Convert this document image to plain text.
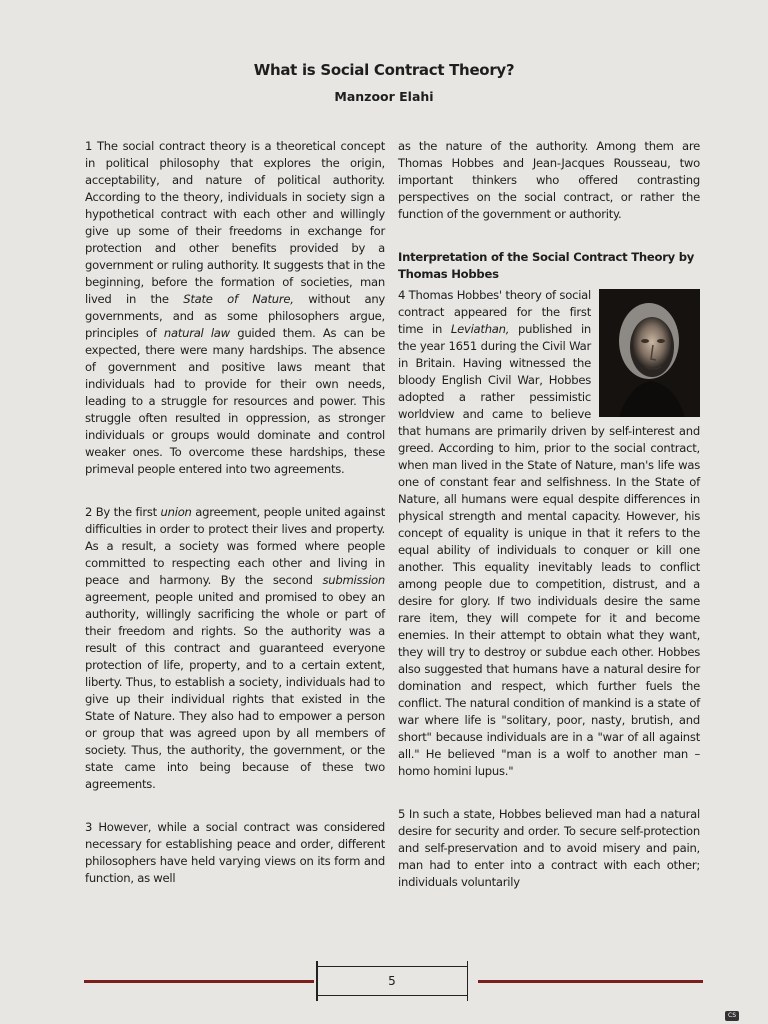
What is Social Contract Theory?
Manzoor Elahi

1 The social contract theory is a theoretical concept in political philosophy that explores the origin, acceptability, and nature of political authority. According to the theory, individuals in society sign a hypothetical contract with each other and willingly give up some of their freedoms in exchange for protection and other benefits provided by a government or ruling authority. It suggests that in the beginning, before the formation of societies, man lived in the State of Nature, without any governments, and as some philosophers argue, principles of natural law guided them. As can be expected, there were many hardships. The absence of government and positive laws meant that individuals had to provide for their own needs, leading to a struggle for resources and power. This struggle often resulted in oppression, as stronger individuals or groups would dominate and control weaker ones. To overcome these hardships, these primeval people entered into two agreements.

2 By the first union agreement, people united against difficulties in order to protect their lives and property. As a result, a society was formed where people committed to respecting each other and living in peace and harmony. By the second submission agreement, people united and promised to obey an authority, willingly sacrificing the whole or part of their freedom and rights. So the authority was a result of this contract and guaranteed everyone protection of life, property, and to a certain extent, liberty. Thus, to establish a society, individuals had to give up their individual rights that existed in the State of Nature. They also had to empower a person or group that was agreed upon by all members of society. Thus, the authority, the government, or the state came into being because of these two agreements.

3 However, while a social contract was considered necessary for establishing peace and order, different philosophers have held varying views on its form and function, as well

as the nature of the authority. Among them are Thomas Hobbes and Jean-Jacques Rousseau, two important thinkers who offered contrasting perspectives on the social contract, or rather the function of the government or authority.

Interpretation of the Social Contract Theory by Thomas Hobbes

4 Thomas Hobbes' theory of social contract appeared for the first time in Leviathan, published in the year 1651 during the Civil War in Britain. Having witnessed the bloody English Civil War, Hobbes adopted a rather pessimistic worldview and came to believe that humans are primarily driven by self-interest and greed. According to him, prior to the social contract, when man lived in the State of Nature, man's life was one of constant fear and selfishness. In the State of Nature, all humans were equal despite differences in physical strength and mental capacity. However, his concept of equality is unique in that it refers to the equal ability of individuals to conquer or kill one another. This equality inevitably leads to conflict among people due to competition, distrust, and a desire for glory. If two individuals desire the same rare item, they will compete for it and become enemies. In their attempt to obtain what they want, they will try to destroy or subdue each other. Hobbes also suggested that humans have a natural desire for domination and respect, which further fuels the conflict. The natural condition of mankind is a state of war where life is "solitary, poor, nasty, brutish, and short" because individuals are in a "war of all against all." He believed "man is a wolf to another man – homo homini lupus."

5 In such a state, Hobbes believed man had a natural desire for security and order. To secure self-protection and self-preservation and to avoid misery and pain, man had to enter into a contract with each other; individuals voluntarily

5
CS
